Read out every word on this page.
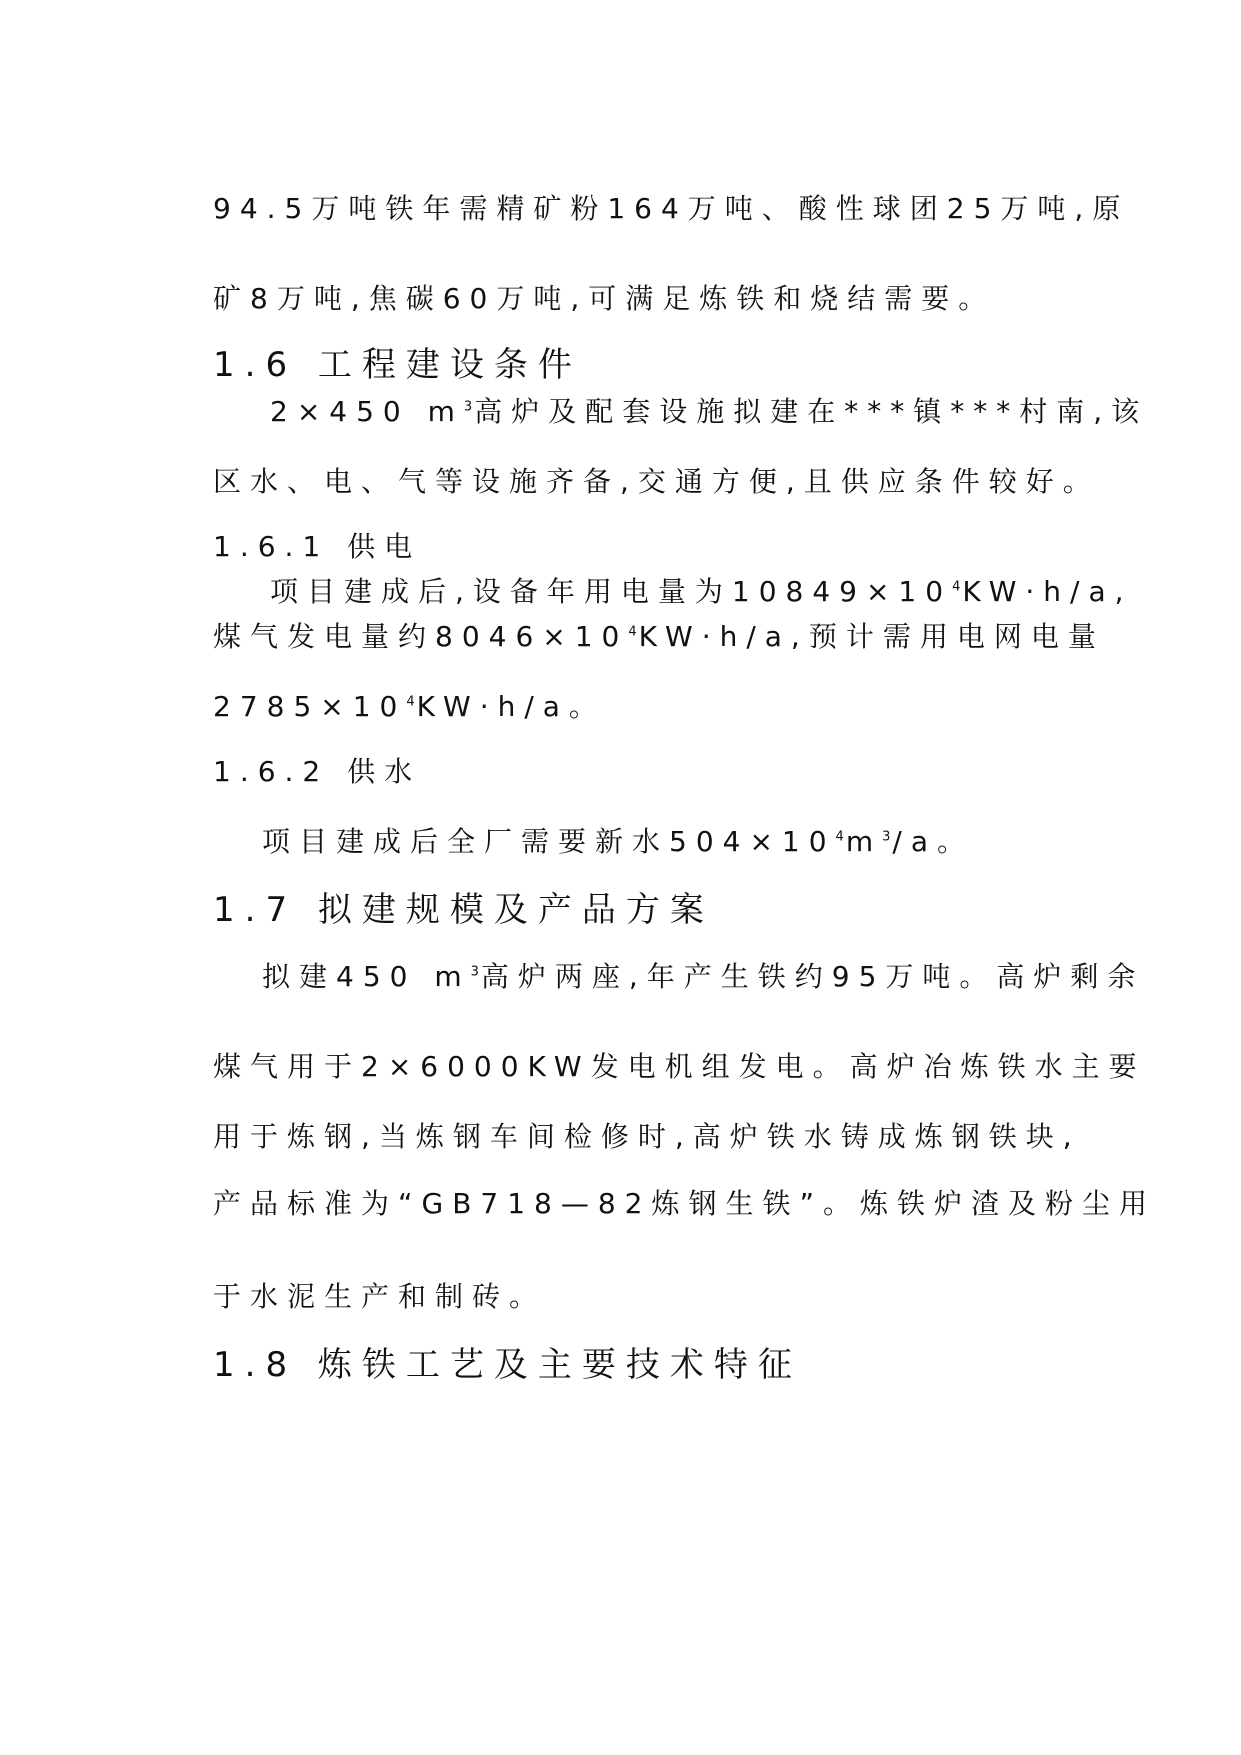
94.5万吨铁年需精矿粉164万吨、酸性球团25万吨,原

矿8万吨,焦碳60万吨,可满足炼铁和烧结需要。

1.6 工程建设条件

2×450 $m^3$高炉及配套设施拟建在***镇***村南,该

区水、电、气等设施齐备,交通方便,且供应条件较好。

1.6.1 供电

项目建成后,设备年用电量为$10849\times 10^4KW\cdot h/a$,

煤气发电量约$8046\times 10^4KW\cdot h/a$,预计需用电网电量

$2785\times 10^4KW\cdot h/a$。

1.6.2 供水

项目建成后全厂需要新水$504\times 10^4m^3/a$。

1.7 拟建规模及产品方案

拟建450 $m^3$高炉两座,年产生铁约95万吨。高炉剩余

煤气用于2×6000KW发电机组发电。高炉冶炼铁水主要

用于炼钢,当炼钢车间检修时,高炉铁水铸成炼钢铁块,

产品标准为“GB718—82炼钢生铁”。炼铁炉渣及粉尘用

于水泥生产和制砖。

1.8 炼铁工艺及主要技术特征
